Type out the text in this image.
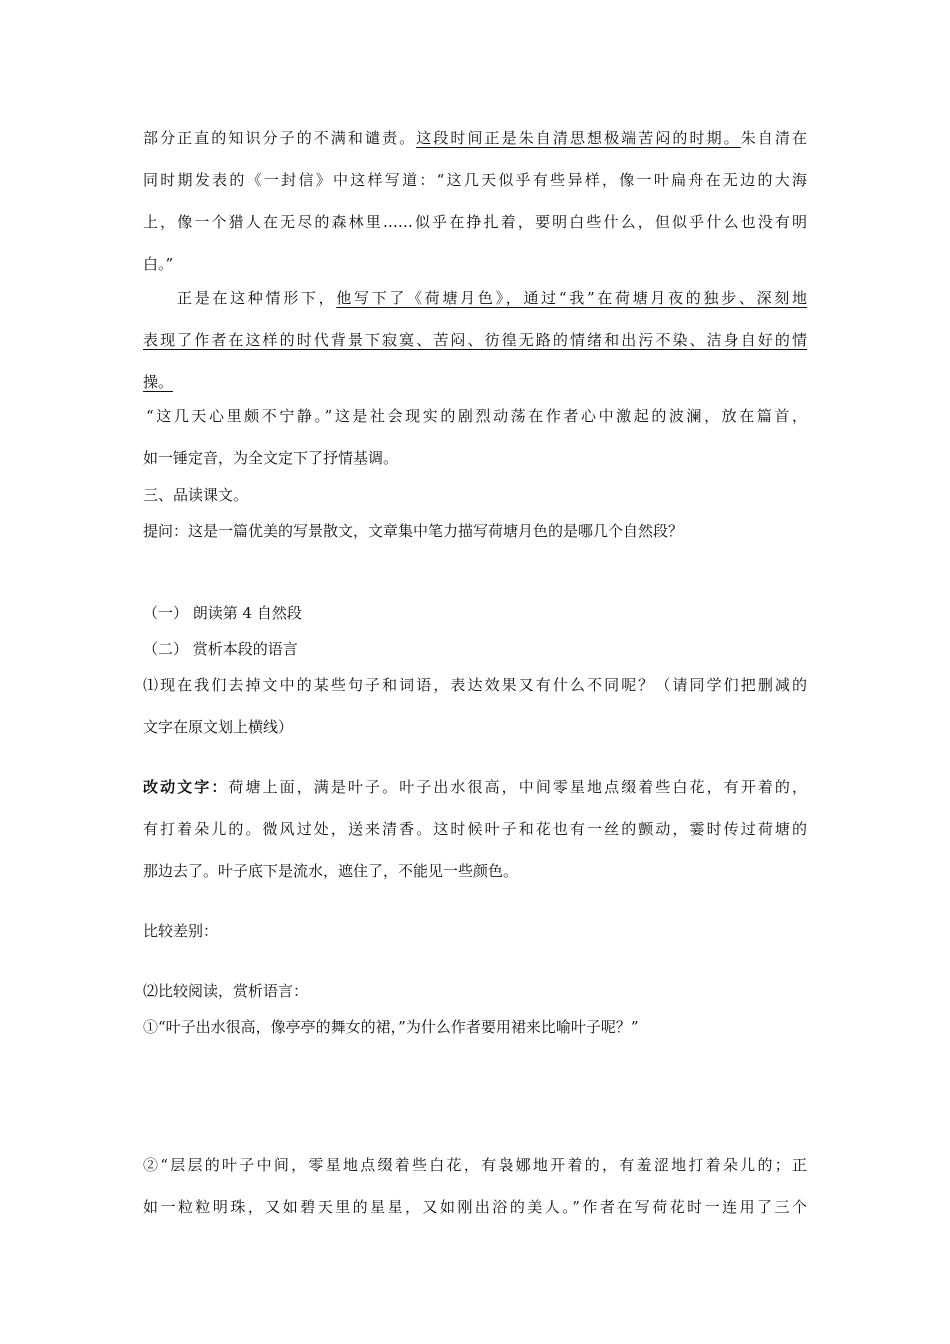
部分正直的知识分子的不满和谴责。这段时间正是朱自清思想极端苦闷的时期。朱自清在
同时期发表的《一封信》中这样写道：“这几天似乎有些异样，像一叶扁舟在无边的大海
上，像一个猎人在无尽的森林里……似乎在挣扎着，要明白些什么，但似乎什么也没有明
白。”
正是在这种情形下，他写下了《荷塘月色》，通过“我”在荷塘月夜的独步、深刻地
表现了作者在这样的时代背景下寂寞、苦闷、彷徨无路的情绪和出污不染、洁身自好的情
操。
“这几天心里颇不宁静。”这是社会现实的剧烈动荡在作者心中激起的波澜，放在篇首，
如一锤定音，为全文定下了抒情基调。
三、品读课文。
提问：这是一篇优美的写景散文，文章集中笔力描写荷塘月色的是哪几个自然段？
（一） 朗读第 4 自然段
（二） 赏析本段的语言
⑴现在我们去掉文中的某些句子和词语，表达效果又有什么不同呢？（请同学们把删减的
文字在原文划上横线）
改动文字：荷塘上面，满是叶子。叶子出水很高，中间零星地点缀着些白花，有开着的，
有打着朵儿的。微风过处，送来清香。这时候叶子和花也有一丝的颤动，霎时传过荷塘的
那边去了。叶子底下是流水，遮住了，不能见一些颜色。
比较差别：
⑵比较阅读，赏析语言：
①“叶子出水很高，像亭亭的舞女的裙，”为什么作者要用裙来比喻叶子呢？”
②“层层的叶子中间，零星地点缀着些白花，有袅娜地开着的，有羞涩地打着朵儿的；正
如一粒粒明珠，又如碧天里的星星，又如刚出浴的美人。”作者在写荷花时一连用了三个
